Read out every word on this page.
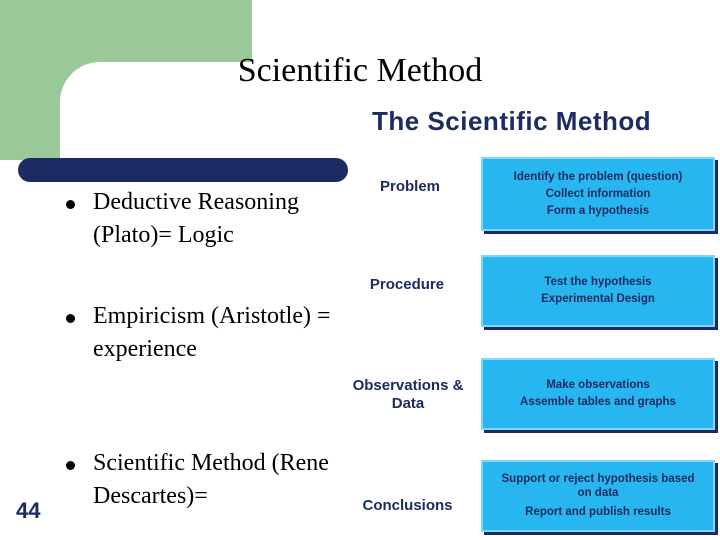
Scientific Method
Deductive Reasoning (Plato)= Logic
Empiricism (Aristotle) = experience
Scientific Method (Rene Descartes)=
44
The Scientific Method
Problem
Identify the problem (question)
Collect information
Form a hypothesis
Procedure	Test the hypothesis
Experimental Design
Observations & Data
Make observations
Assemble tables and graphs
Conclusions
Support or reject hypothesis based on data
Report and publish results
